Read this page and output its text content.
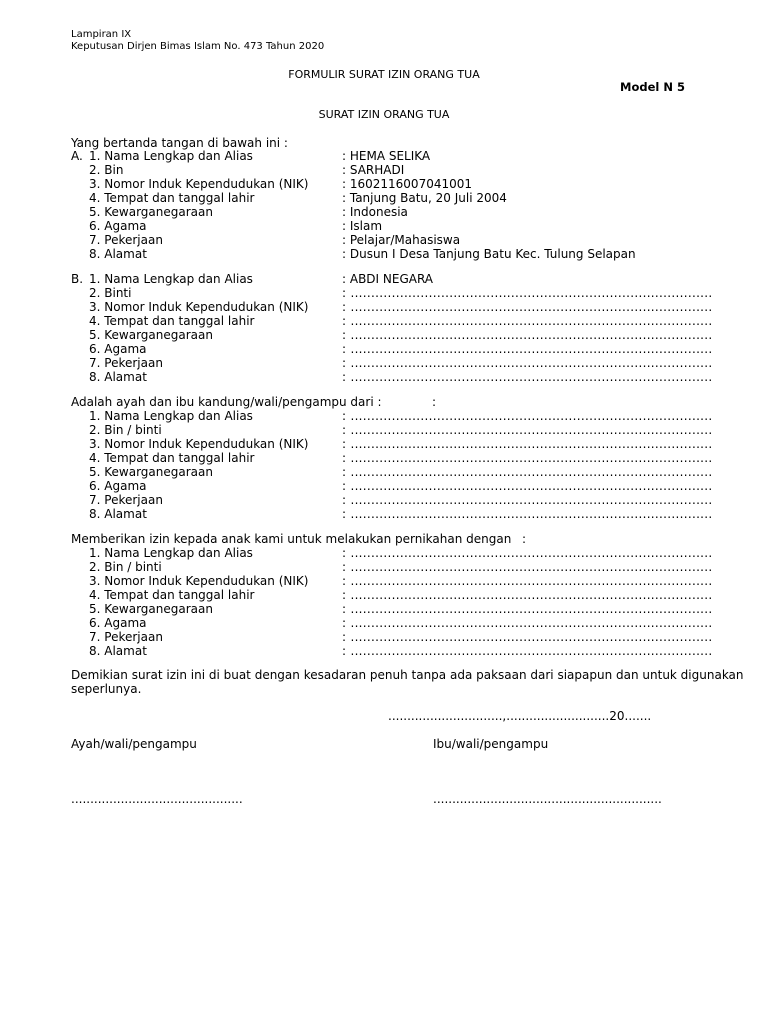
Lampiran IX
Keputusan Dirjen Bimas Islam No. 473 Tahun 2020
FORMULIR SURAT IZIN ORANG TUA
Model N 5
SURAT IZIN ORANG TUA
Yang bertanda tangan di bawah ini :
A. 1. Nama Lengkap dan Alias	: HEMA SELIKA
2. Bin	: SARHADI
3. Nomor Induk Kependudukan (NIK)	: 1602116007041001
4. Tempat dan tanggal lahir	: Tanjung Batu, 20 Juli 2004
5. Kewarganegaraan	: Indonesia
6. Agama	: Islam
7. Pekerjaan	: Pelajar/Mahasiswa
8. Alamat	: Dusun I Desa Tanjung Batu Kec. Tulung Selapan
B. 1. Nama Lengkap dan Alias	: ABDI NEGARA
2. Binti	: ........................................................................................
3. Nomor Induk Kependudukan (NIK)	: ........................................................................................
4. Tempat dan tanggal lahir	: ........................................................................................
5. Kewarganegaraan	: ........................................................................................
6. Agama	: ........................................................................................
7. Pekerjaan	: ........................................................................................
8. Alamat	: ........................................................................................
Adalah ayah dan ibu kandung/wali/pengampu dari :	:
1. Nama Lengkap dan Alias	: ........................................................................................
2. Bin / binti	: ........................................................................................
3. Nomor Induk Kependudukan (NIK)	: ........................................................................................
4. Tempat dan tanggal lahir	: ........................................................................................
5. Kewarganegaraan	: ........................................................................................
6. Agama	: ........................................................................................
7. Pekerjaan	: ........................................................................................
8. Alamat	: ........................................................................................
Memberikan izin kepada anak kami untuk melakukan pernikahan dengan :
1. Nama Lengkap dan Alias	: ........................................................................................
2. Bin / binti	: ........................................................................................
3. Nomor Induk Kependudukan (NIK)	: ........................................................................................
4. Tempat dan tanggal lahir	: ........................................................................................
5. Kewarganegaraan	: ........................................................................................
6. Agama	: ........................................................................................
7. Pekerjaan	: ........................................................................................
8. Alamat	: ........................................................................................
Demikian surat izin ini di buat dengan kesadaran penuh tanpa ada paksaan dari siapapun dan untuk digunakan
seperlunya.
..............................,...........................20.......
Ayah/wali/pengampu	Ibu/wali/pengampu
.............................................	............................................................
